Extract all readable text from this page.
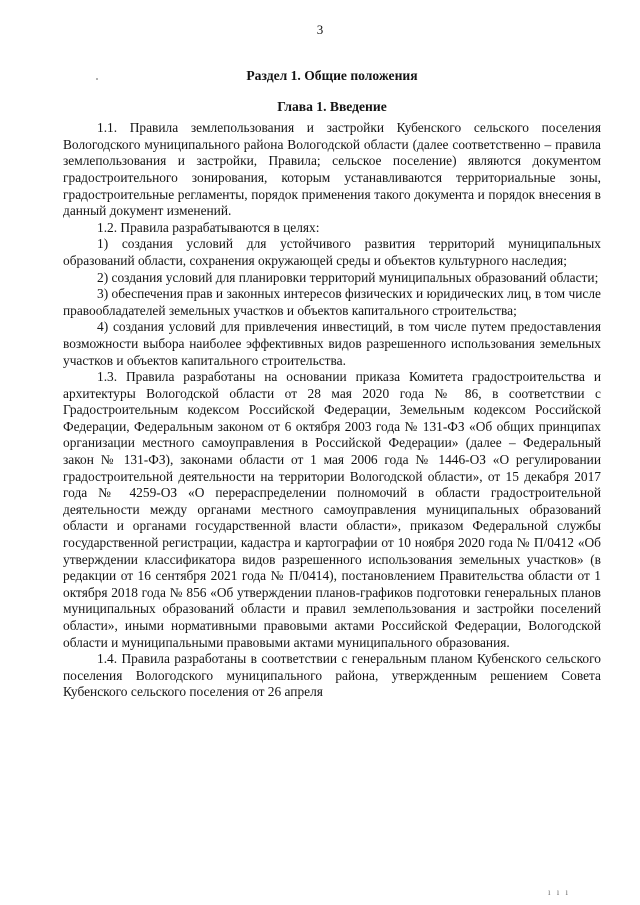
3
Раздел 1. Общие положения
Глава 1. Введение

1.1. Правила землепользования и застройки Кубенского сельского поселения Вологодского муниципального района Вологодской области (далее соответственно – правила землепользования и застройки, Правила; сельское поселение) являются документом градостроительного зонирования, которым устанавливаются территориальные зоны, градостроительные регламенты, порядок применения такого документа и порядок внесения в данный документ изменений.

1.2. Правила разрабатываются в целях:

1) создания условий для устойчивого развития территорий муниципальных образований области, сохранения окружающей среды и объектов культурного наследия;

2) создания условий для планировки территорий муниципальных образований области;

3) обеспечения прав и законных интересов физических и юридических лиц, в том числе правообладателей земельных участков и объектов капитального строительства;

4) создания условий для привлечения инвестиций, в том числе путем предоставления возможности выбора наиболее эффективных видов разрешенного использования земельных участков и объектов капитального строительства.

1.3. Правила разработаны на основании приказа Комитета градостроительства и архитектуры Вологодской области от 28 мая 2020 года № 86, в соответствии с Градостроительным кодексом Российской Федерации, Земельным кодексом Российской Федерации, Федеральным законом от 6 октября 2003 года № 131-ФЗ «Об общих принципах организации местного самоуправления в Российской Федерации» (далее – Федеральный закон № 131-ФЗ), законами области от 1 мая 2006 года № 1446-ОЗ «О регулировании градостроительной деятельности на территории Вологодской области», от 15 декабря 2017 года № 4259-ОЗ «О перераспределении полномочий в области градостроительной деятельности между органами местного самоуправления муниципальных образований области и органами государственной власти области», приказом Федеральной службы государственной регистрации, кадастра и картографии от 10 ноября 2020 года № П/0412 «Об утверждении классификатора видов разрешенного использования земельных участков» (в редакции от 16 сентября 2021 года № П/0414), постановлением Правительства области от 1 октября 2018 года № 856 «Об утверждении планов-графиков подготовки генеральных планов муниципальных образований области и правил землепользования и застройки поселений области», иными нормативными правовыми актами Российской Федерации, Вологодской области и муниципальными правовыми актами муниципального образования.

1.4. Правила разработаны в соответствии с генеральным планом Кубенского сельского поселения Вологодского муниципального района, утвержденным решением Совета Кубенского сельского поселения от 26 апреля

ı ı ı
